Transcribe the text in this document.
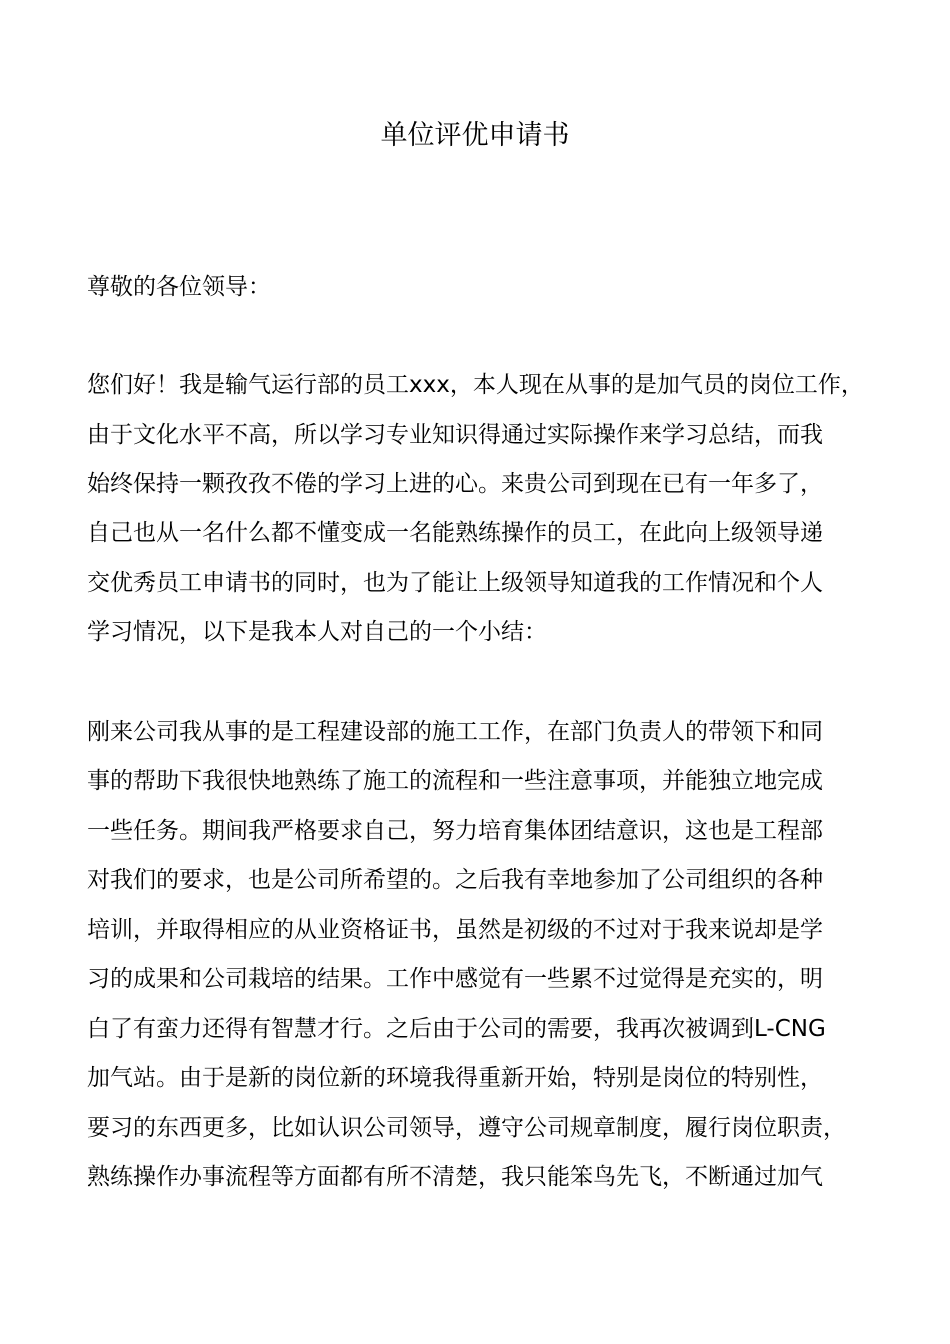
单位评优申请书
尊敬的各位领导：
您们好！我是输气运行部的员工xxx，本人现在从事的是加气员的岗位工作，
由于文化水平不高，所以学习专业知识得通过实际操作来学习总结，而我
始终保持一颗孜孜不倦的学习上进的心。来贵公司到现在已有一年多了，
自己也从一名什么都不懂变成一名能熟练操作的员工，在此向上级领导递
交优秀员工申请书的同时，也为了能让上级领导知道我的工作情况和个人
学习情况，以下是我本人对自己的一个小结：
刚来公司我从事的是工程建设部的施工工作，在部门负责人的带领下和同
事的帮助下我很快地熟练了施工的流程和一些注意事项，并能独立地完成
一些任务。期间我严格要求自己，努力培育集体团结意识，这也是工程部
对我们的要求，也是公司所希望的。之后我有幸地参加了公司组织的各种
培训，并取得相应的从业资格证书，虽然是初级的不过对于我来说却是学
习的成果和公司栽培的结果。工作中感觉有一些累不过觉得是充实的，明
白了有蛮力还得有智慧才行。之后由于公司的需要，我再次被调到L-CNG
加气站。由于是新的岗位新的环境我得重新开始，特别是岗位的特别性，
要习的东西更多，比如认识公司领导，遵守公司规章制度，履行岗位职责，
熟练操作办事流程等方面都有所不清楚，我只能笨鸟先飞，不断通过加气
